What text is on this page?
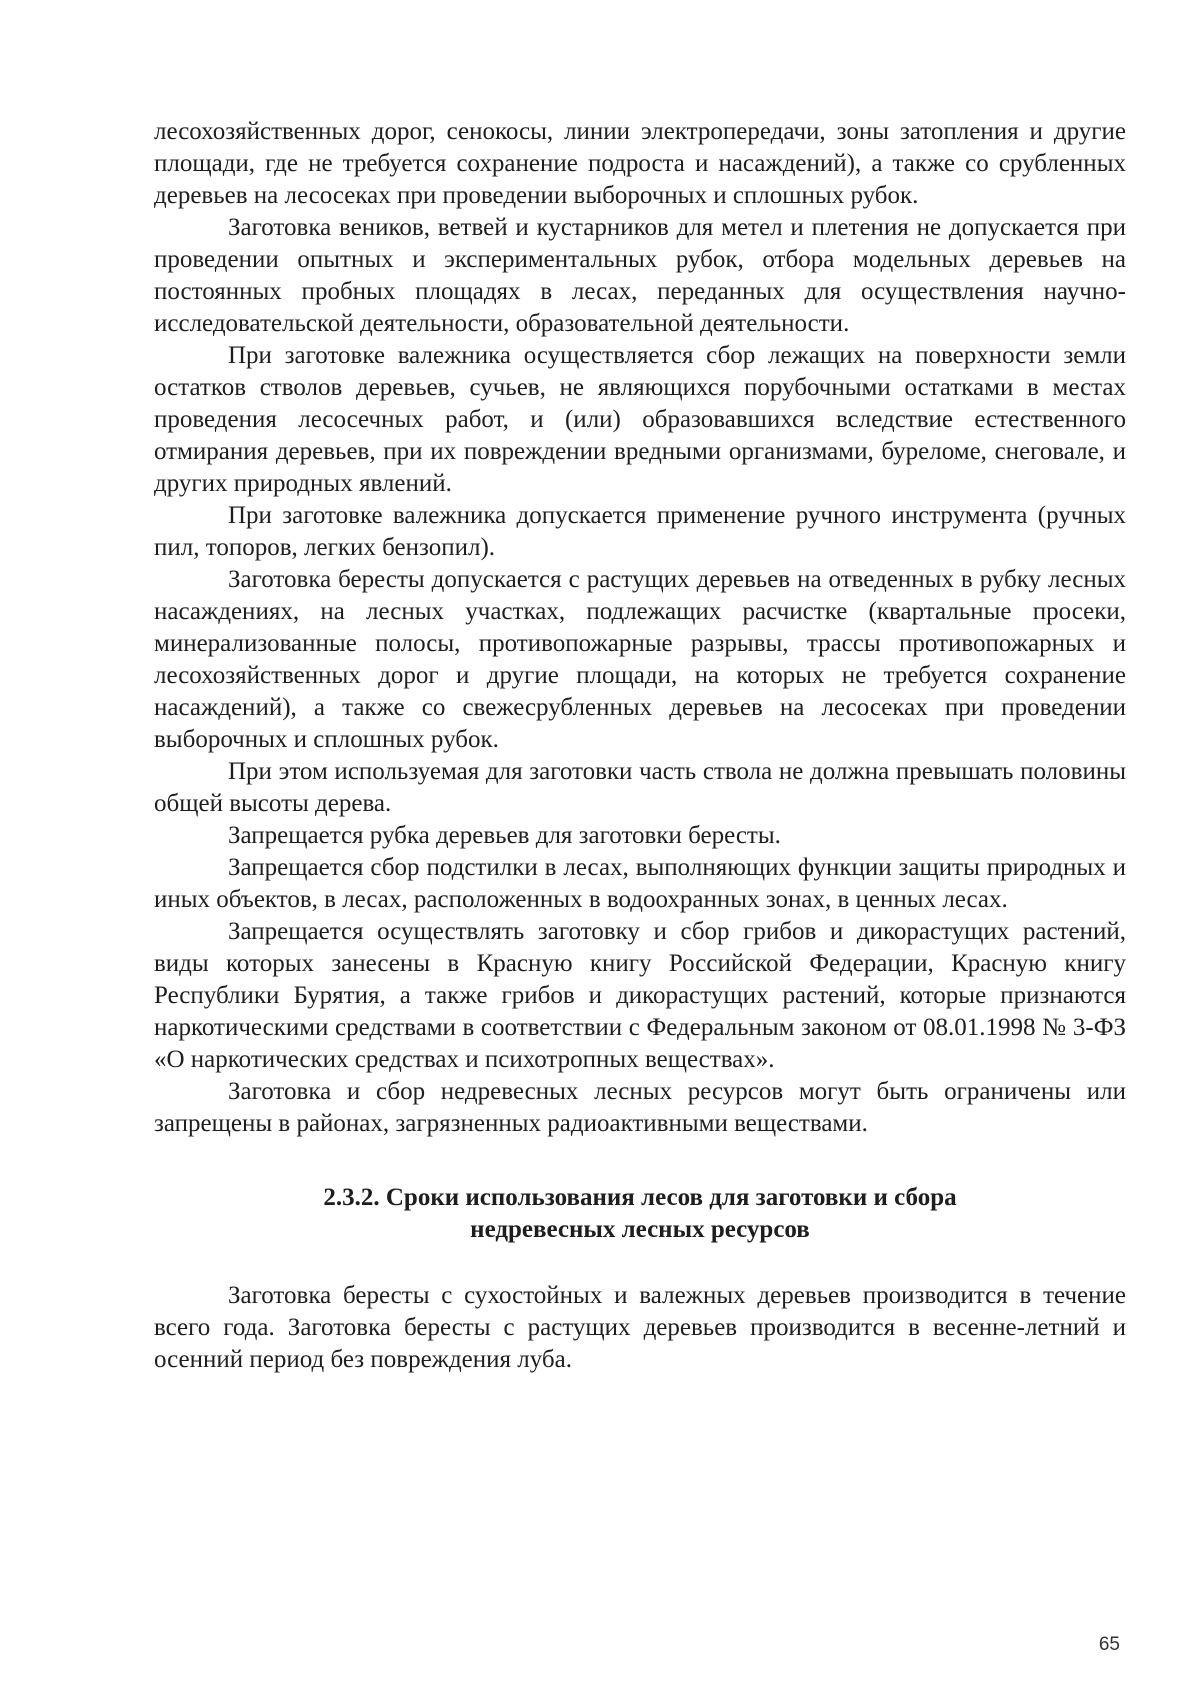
лесохозяйственных дорог, сенокосы, линии электропередачи, зоны затопления и другие площади, где не требуется сохранение подроста и насаждений), а также со срубленных деревьев на лесосеках при проведении выборочных и сплошных рубок.

Заготовка веников, ветвей и кустарников для метел и плетения не допускается при проведении опытных и экспериментальных рубок, отбора модельных деревьев на постоянных пробных площадях в лесах, переданных для осуществления научно-исследовательской деятельности, образовательной деятельности.

При заготовке валежника осуществляется сбор лежащих на поверхности земли остатков стволов деревьев, сучьев, не являющихся порубочными остатками в местах проведения лесосечных работ, и (или) образовавшихся вследствие естественного отмирания деревьев, при их повреждении вредными организмами, буреломе, снеговале, и других природных явлений.

При заготовке валежника допускается применение ручного инструмента (ручных пил, топоров, легких бензопил).

Заготовка бересты допускается с растущих деревьев на отведенных в рубку лесных насаждениях, на лесных участках, подлежащих расчистке (квартальные просеки, минерализованные полосы, противопожарные разрывы, трассы противопожарных и лесохозяйственных дорог и другие площади, на которых не требуется сохранение насаждений), а также со свежесрубленных деревьев на лесосеках при проведении выборочных и сплошных рубок.

При этом используемая для заготовки часть ствола не должна превышать половины общей высоты дерева.

Запрещается рубка деревьев для заготовки бересты.

Запрещается сбор подстилки в лесах, выполняющих функции защиты природных и иных объектов, в лесах, расположенных в водоохранных зонах, в ценных лесах.

Запрещается осуществлять заготовку и сбор грибов и дикорастущих растений, виды которых занесены в Красную книгу Российской Федерации, Красную книгу Республики Бурятия, а также грибов и дикорастущих растений, которые признаются наркотическими средствами в соответствии с Федеральным законом от 08.01.1998 № 3-ФЗ «О наркотических средствах и психотропных веществах».

Заготовка и сбор недревесных лесных ресурсов могут быть ограничены или запрещены в районах, загрязненных радиоактивными веществами.

2.3.2. Сроки использования лесов для заготовки и сбора
недревесных лесных ресурсов

Заготовка бересты с сухостойных и валежных деревьев производится в течение всего года. Заготовка бересты с растущих деревьев производится в весенне-летний и осенний период без повреждения луба.

65
